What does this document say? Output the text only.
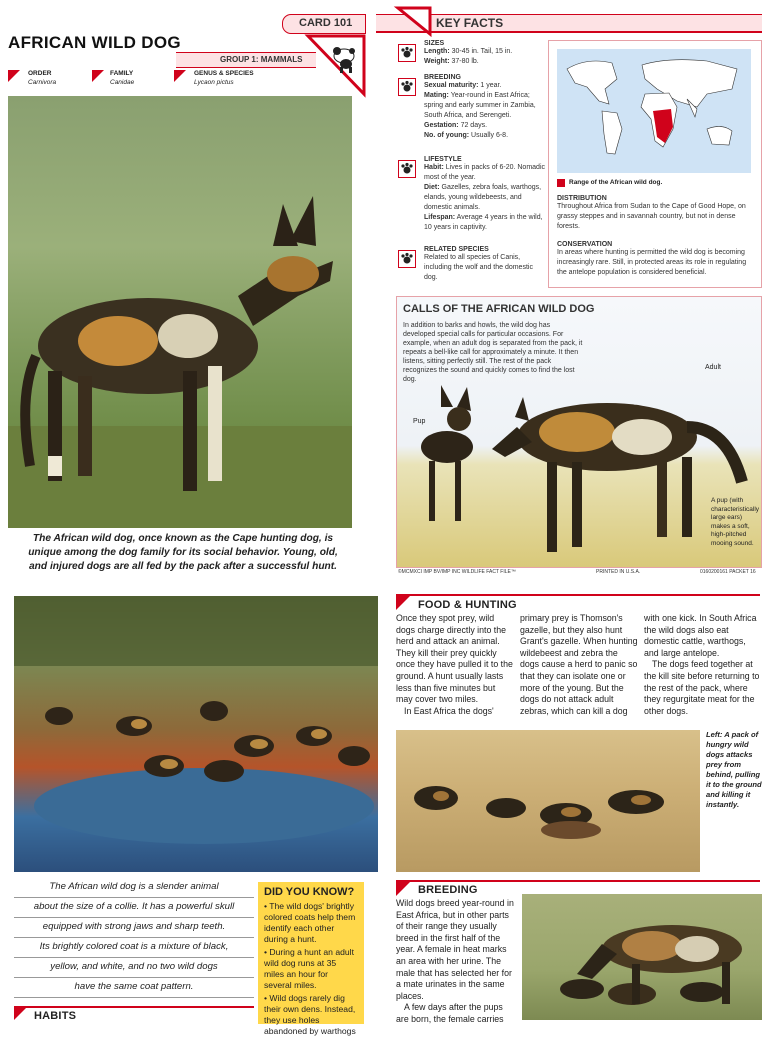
CARD 101
AFRICAN WILD DOG
GROUP 1: MAMMALS
ORDER
Carnivora
FAMILY
Canidae
GENUS & SPECIES
Lycaon pictus

The African wild dog, once known as the Cape hunting dog, is unique among the dog family for its social behavior. Young, old, and injured dogs are all fed by the pack after a successful hunt.

KEY FACTS
SIZES
Length: 30-45 in. Tail, 15 in.
Weight: 37-80 lb.
BREEDING
Sexual maturity: 1 year.
Mating: Year-round in East Africa; spring and early summer in Zambia, South Africa, and Serengeti.
Gestation: 72 days.
No. of young: Usually 6-8.
LIFESTYLE
Habit: Lives in packs of 6-20. Nomadic most of the year.
Diet: Gazelles, zebra foals, warthogs, elands, young wildebeests, and domestic animals.
Lifespan: Average 4 years in the wild, 10 years in captivity.
RELATED SPECIES
Related to all species of Canis, including the wolf and the domestic dog.
Range of the African wild dog.
DISTRIBUTION

Throughout Africa from Sudan to the Cape of Good Hope, on grassy steppes and in savannah country, but not in dense forests.

CONSERVATION

In areas where hunting is permitted the wild dog is becoming increasingly rare. Still, in protected areas its role in regulating the antelope population is considered beneficial.

CALLS OF THE AFRICAN WILD DOG

In addition to barks and howls, the wild dog has developed special calls for particular occasions. For example, when an adult dog is separated from the pack, it repeats a bell-like call for approximately a minute. It then listens, sitting perfectly still. The rest of the pack recognizes the sound and quickly comes to find the lost dog.

Pup
Adult

A pup (with characteristically large ears) makes a soft, high-pitched mooing sound.

©MCMXCI IMP BV/IMP INC WILDLIFE FACT FILE™	PRINTED IN U.S.A.	0160200161 PACKET 16
The African wild dog is a slender animal
about the size of a collie. It has a powerful skull
equipped with strong jaws and sharp teeth.
Its brightly colored coat is a mixture of black,
yellow, and white, and no two wild dogs
have the same coat pattern.
HABITS
DID YOU KNOW?
• The wild dogs' brightly colored coats help them identify each other during a hunt.
• During a hunt an adult wild dog runs at 35 miles an hour for several miles.
• Wild dogs rarely dig their own dens. Instead, they use holes abandoned by warthogs
FOOD & HUNTING

Once they spot prey, wild dogs charge directly into the herd and attack an animal. They kill their prey quickly once they have pulled it to the ground. A hunt usually lasts less than five minutes but may cover two miles.

In East Africa the dogs'

primary prey is Thomson's gazelle, but they also hunt Grant's gazelle. When hunting wildebeest and zebra the dogs cause a herd to panic so that they can isolate one or more of the young. But the dogs do not attack adult zebras, which can kill a dog

with one kick. In South Africa the wild dogs also eat domestic cattle, warthogs, and large antelope.

The dogs feed together at the kill site before returning to the rest of the pack, where they regurgitate meat for the other dogs.

Left: A pack of hungry wild dogs attacks prey from behind, pulling it to the ground and killing it instantly.

BREEDING

Wild dogs breed year-round in East Africa, but in other parts of their range they usually breed in the first half of the year. A female in heat marks an area with her urine. The male that has selected her for a mate urinates in the same places.

A few days after the pups are born, the female carries
